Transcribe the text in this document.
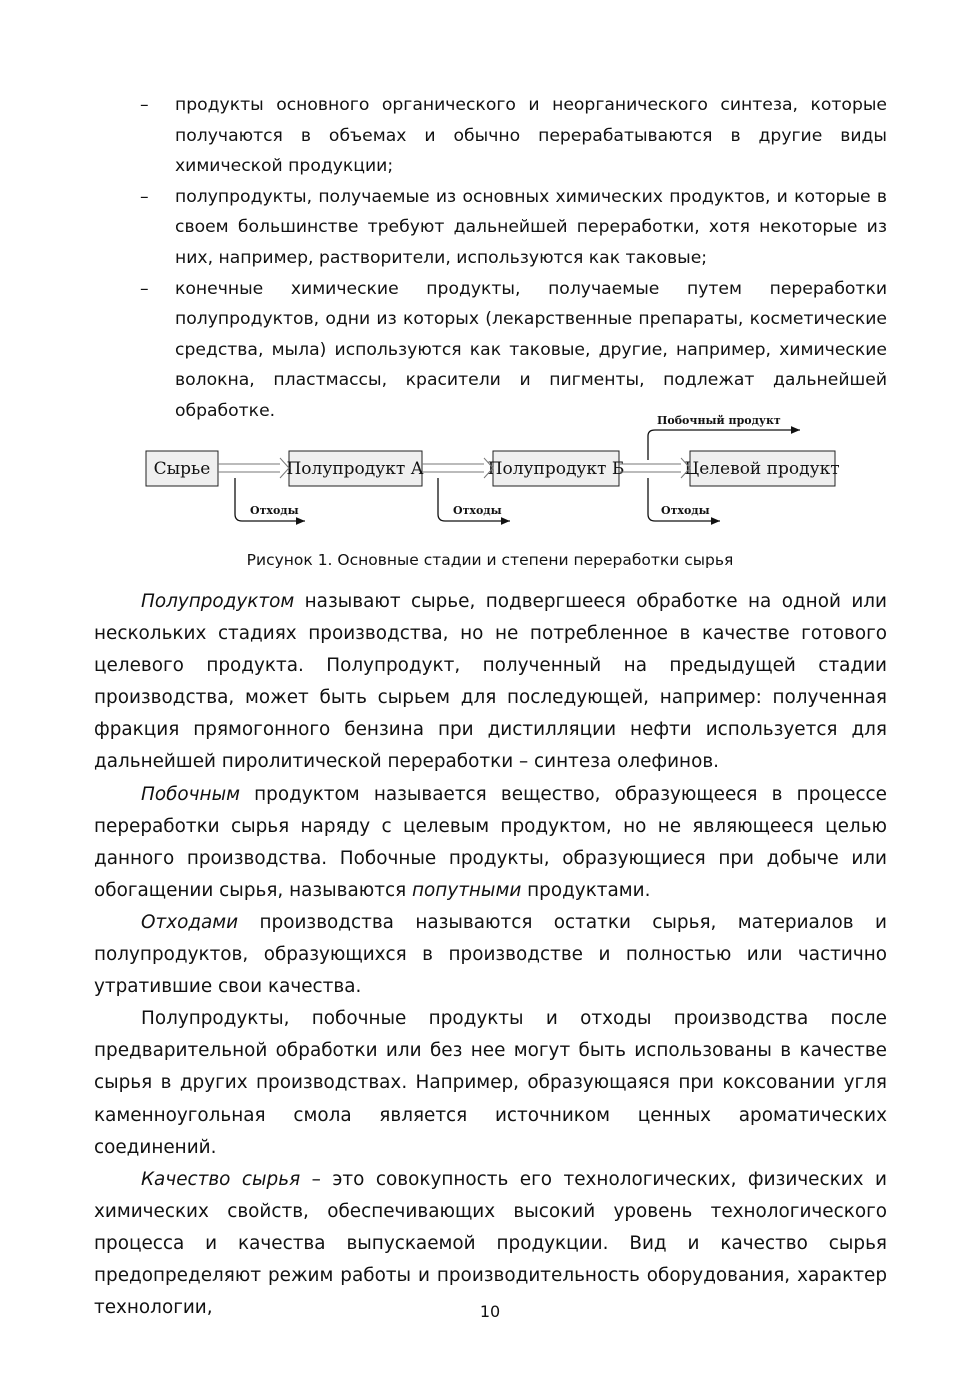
– продукты основного органического и неорганического синтеза, которые получаются в объемах и обычно перерабатываются в другие виды химической продукции;
– полупродукты, получаемые из основных химических продуктов, и которые в своем большинстве требуют дальнейшей переработки, хотя некоторые из них, например, растворители, используются как таковые;
– конечные химические продукты, получаемые путем переработки полупродуктов, одни из которых (лекарственные препараты, косметические средства, мыла) используются как таковые, другие, например, химические волокна, пластмассы, красители и пигменты, подлежат дальнейшей обработке.
Сырье	Полупродукт А	Полупродукт Б	Целевой продукт
Отходы	Отходы	Отходы
Побочный продукт
Рисунок 1. Основные стадии и степени переработки сырья

Полупродуктом называют сырье, подвергшееся обработке на одной или нескольких стадиях производства, но не потребленное в качестве готового целевого продукта. Полупродукт, полученный на предыдущей стадии производства, может быть сырьем для последующей, например: полученная фракция прямогонного бензина при дистилляции нефти используется для дальнейшей пиролитической переработки – синтеза олефинов.

Побочным продуктом называется вещество, образующееся в процессе переработки сырья наряду с целевым продуктом, но не являющееся целью данного производства. Побочные продукты, образующиеся при добыче или обогащении сырья, называются попутными продуктами.

Отходами производства называются остатки сырья, материалов и полупродуктов, образующихся в производстве и полностью или частично утратившие свои качества.

Полупродукты, побочные продукты и отходы производства после предварительной обработки или без нее могут быть использованы в качестве сырья в других производствах. Например, образующаяся при коксовании угля каменноугольная смола является источником ценных ароматических соединений.

Качество сырья – это совокупность его технологических, физических и химических свойств, обеспечивающих высокий уровень технологического процесса и качества выпускаемой продукции. Вид и качество сырья предопределяют режим работы и производительность оборудования, характер технологии,	10
